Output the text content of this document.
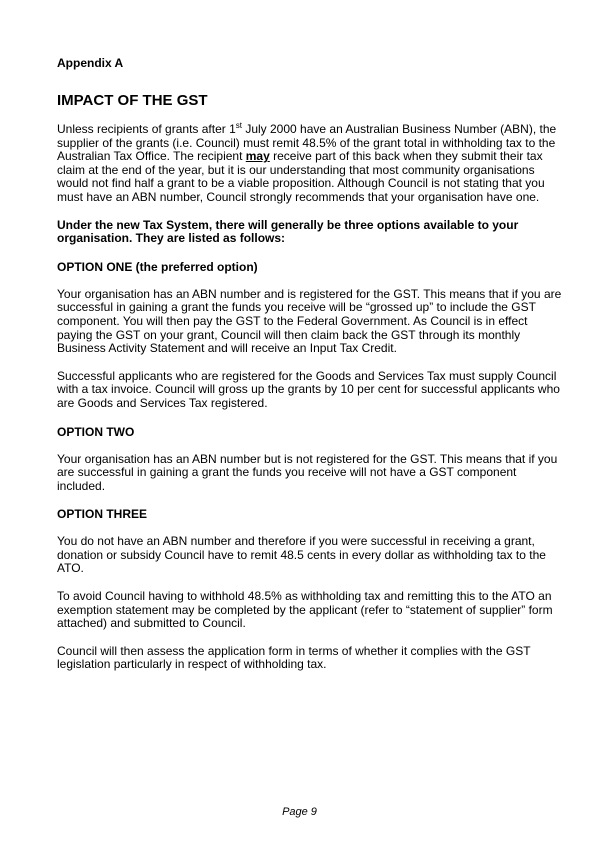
Appendix A

IMPACT OF THE GST

Unless recipients of grants after 1st July 2000 have an Australian Business Number (ABN), the supplier of the grants (i.e. Council) must remit 48.5% of the grant total in withholding tax to the Australian Tax Office. The recipient may receive part of this back when they submit their tax claim at the end of the year, but it is our understanding that most community organisations would not find half a grant to be a viable proposition. Although Council is not stating that you must have an ABN number, Council strongly recommends that your organisation have one.

Under the new Tax System, there will generally be three options available to your organisation. They are listed as follows:

OPTION ONE (the preferred option)

Your organisation has an ABN number and is registered for the GST. This means that if you are successful in gaining a grant the funds you receive will be “grossed up” to include the GST component. You will then pay the GST to the Federal Government. As Council is in effect paying the GST on your grant, Council will then claim back the GST through its monthly Business Activity Statement and will receive an Input Tax Credit.

Successful applicants who are registered for the Goods and Services Tax must supply Council with a tax invoice. Council will gross up the grants by 10 per cent for successful applicants who are Goods and Services Tax registered.

OPTION TWO

Your organisation has an ABN number but is not registered for the GST. This means that if you are successful in gaining a grant the funds you receive will not have a GST component included.

OPTION THREE

You do not have an ABN number and therefore if you were successful in receiving a grant, donation or subsidy Council have to remit 48.5 cents in every dollar as withholding tax to the ATO.

To avoid Council having to withhold 48.5% as withholding tax and remitting this to the ATO an exemption statement may be completed by the applicant (refer to “statement of supplier” form attached) and submitted to Council.

Council will then assess the application form in terms of whether it complies with the GST legislation particularly in respect of withholding tax.

Page 9
